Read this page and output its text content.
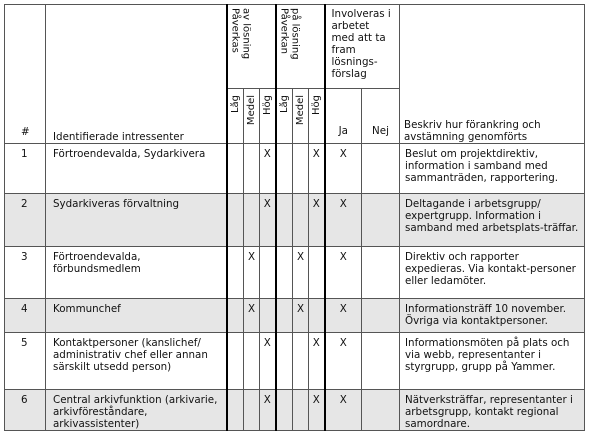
#	Identifierade intressenter	Påverkas av lösning			Påverkan på lösning			Involveras i arbetet med att ta fram lösnings-förslag		Beskriv hur förankring och avstämning genomförts

		Låg	Medel	Hög	Låg	Medel	Hög	Ja	Nej	
1	Förtroendevalda, Sydarkivera			X			X	X		Beslut om projektdirektiv, information i samband med sammanträden, rapportering.
2	Sydarkiveras förvaltning			X			X	X		Deltagande i arbetsgrupp/ expertgrupp. Information i samband med arbetsplats-träffar.
3	Förtroendevalda, förbundsmedlem		X			X		X		Direktiv och rapporter expedieras. Via kontakt-personer eller ledamöter.
4	Kommunchef		X			X		X		Informationsträff 10 november. Övriga via kontaktpersoner.
5	Kontaktpersoner (kanslichef/ administrativ chef eller annan särskilt utsedd person)			X			X	X		Informationsmöten på plats och via webb, representanter i styrgrupp, grupp på Yammer.
6	Central arkivfunktion (arkivarie, arkivföreståndare, arkivassistenter)			X			X	X		Nätverksträffar, representanter i arbetsgrupp, kontakt regional samordnare.
